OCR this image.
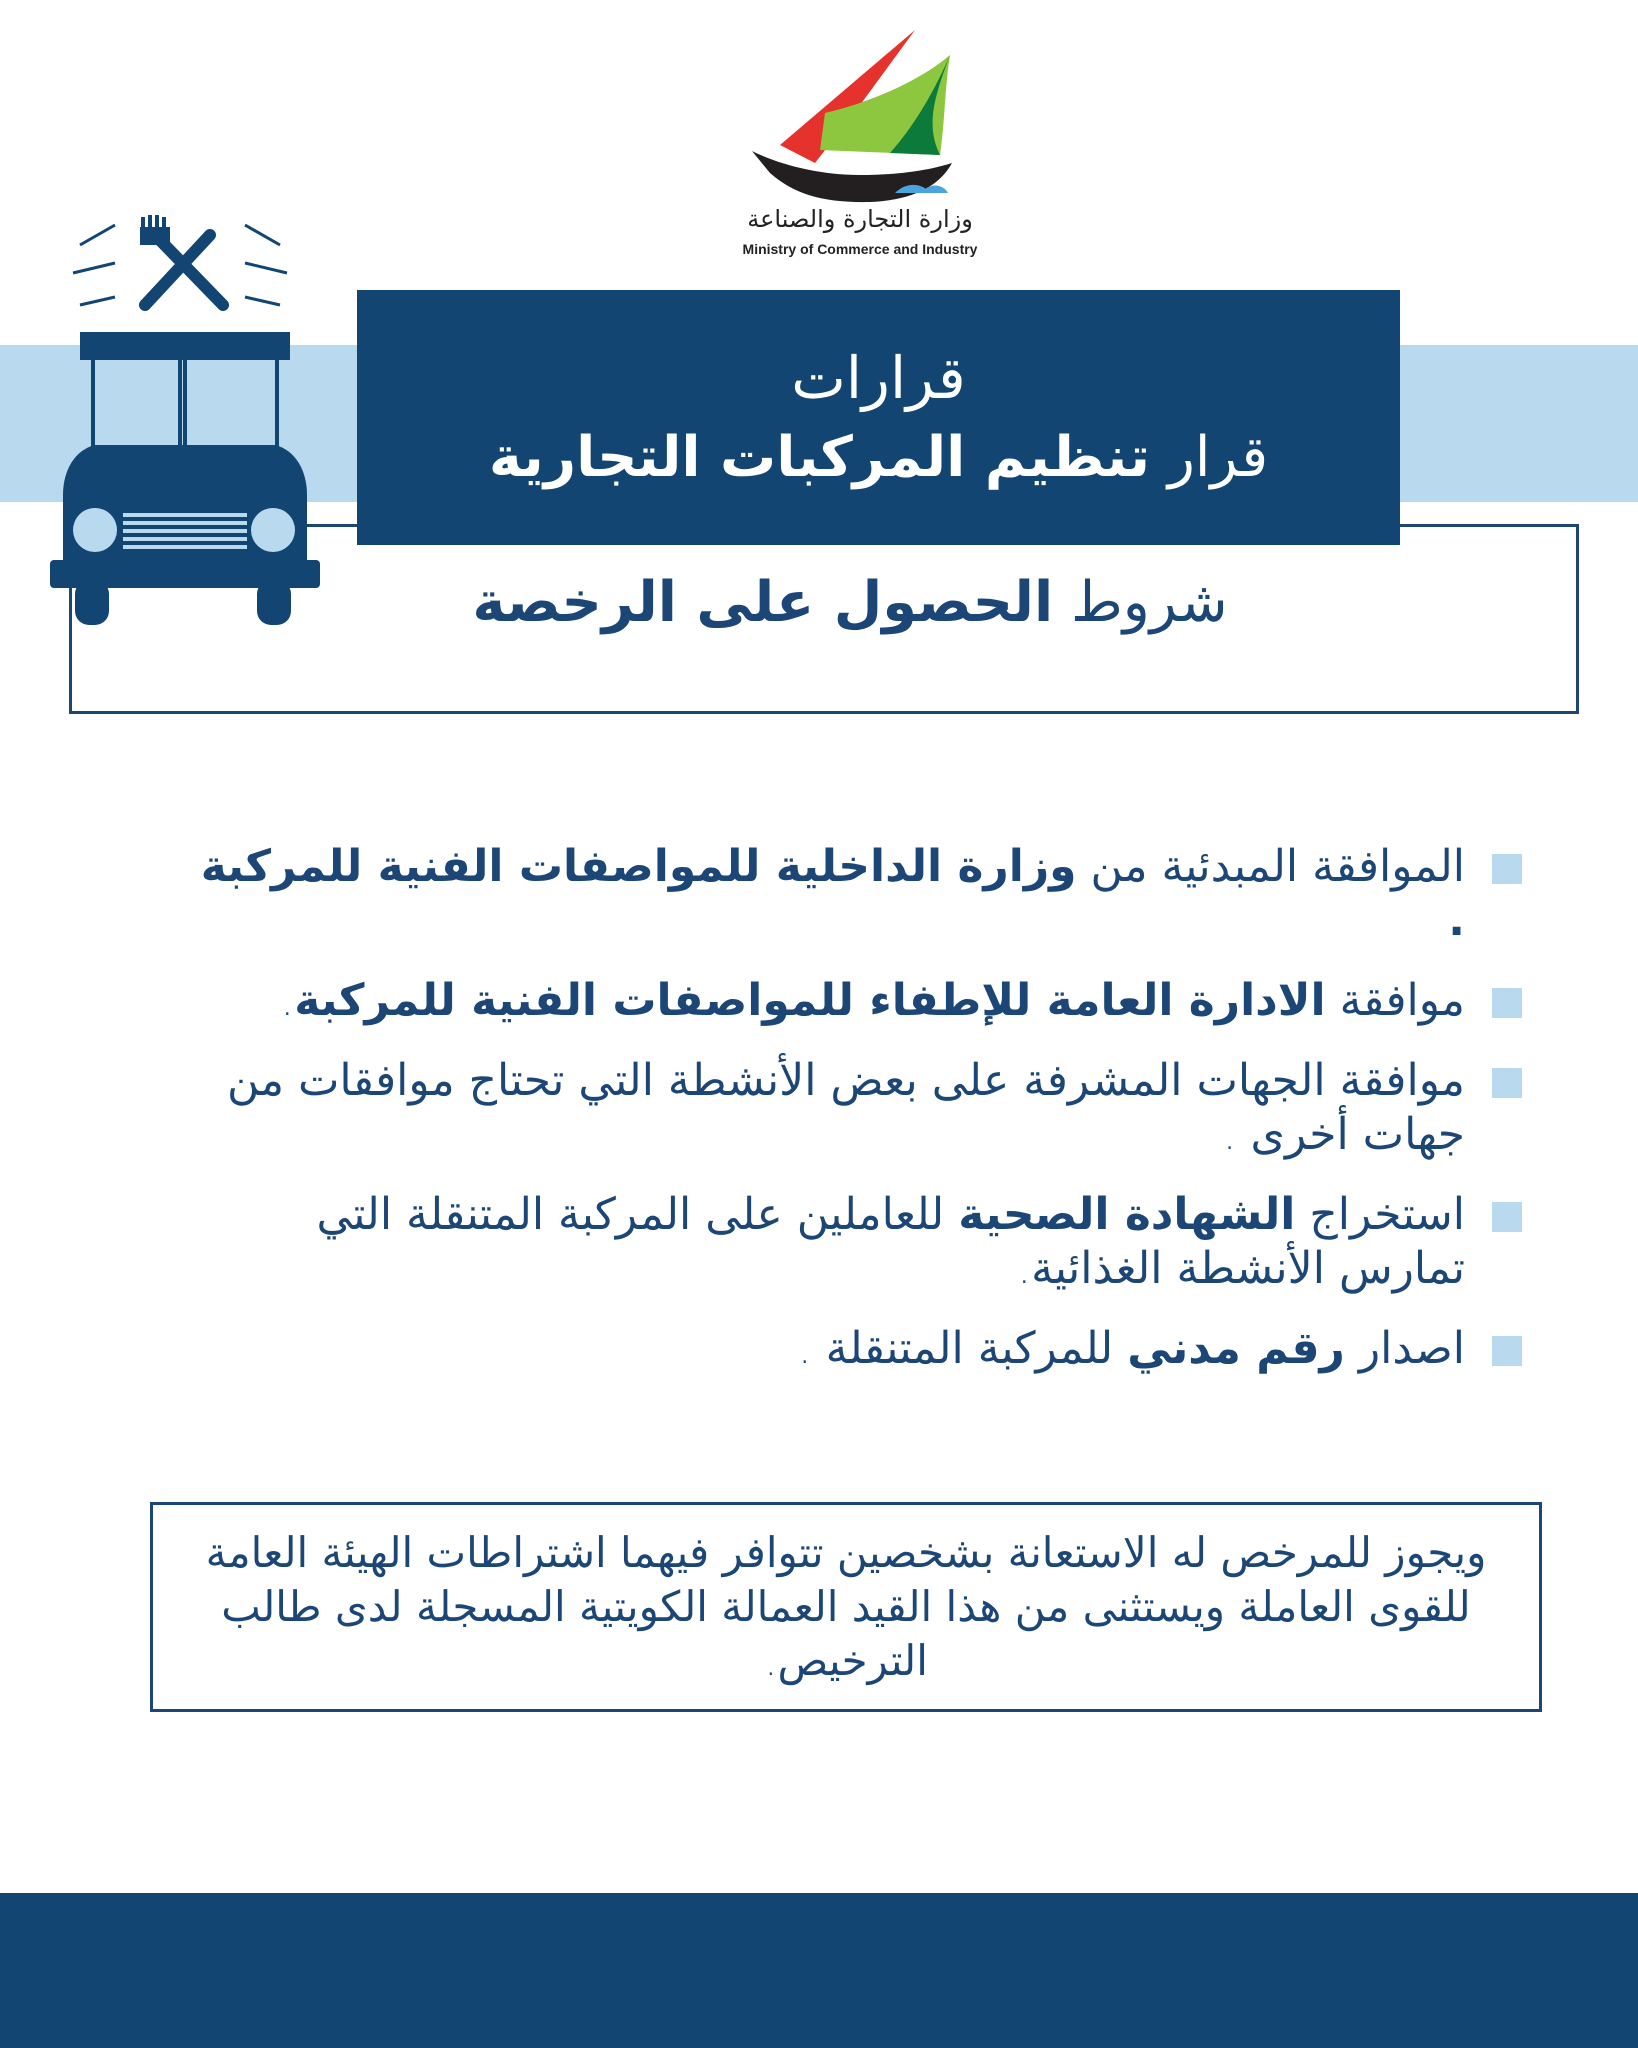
وزارة التجارة والصناعة
Ministry of Commerce and Industry
قرارات
قرار تنظيم المركبات التجارية
شروط الحصول على الرخصة
الموافقة المبدئية من وزارة الداخلية للمواصفات الفنية للمركبة .
موافقة الادارة العامة للإطفاء للمواصفات الفنية للمركبة.
موافقة الجهات المشرفة على بعض الأنشطة التي تحتاج موافقات من جهات أخرى .
استخراج الشهادة الصحية للعاملين على المركبة المتنقلة التي تمارس الأنشطة الغذائية.
اصدار رقم مدني للمركبة المتنقلة .
ويجوز للمرخص له الاستعانة بشخصين تتوافر فيهما اشتراطات الهيئة العامة للقوى العاملة ويستثنى من هذا القيد العمالة الكويتية المسجلة لدى طالب الترخيص.
